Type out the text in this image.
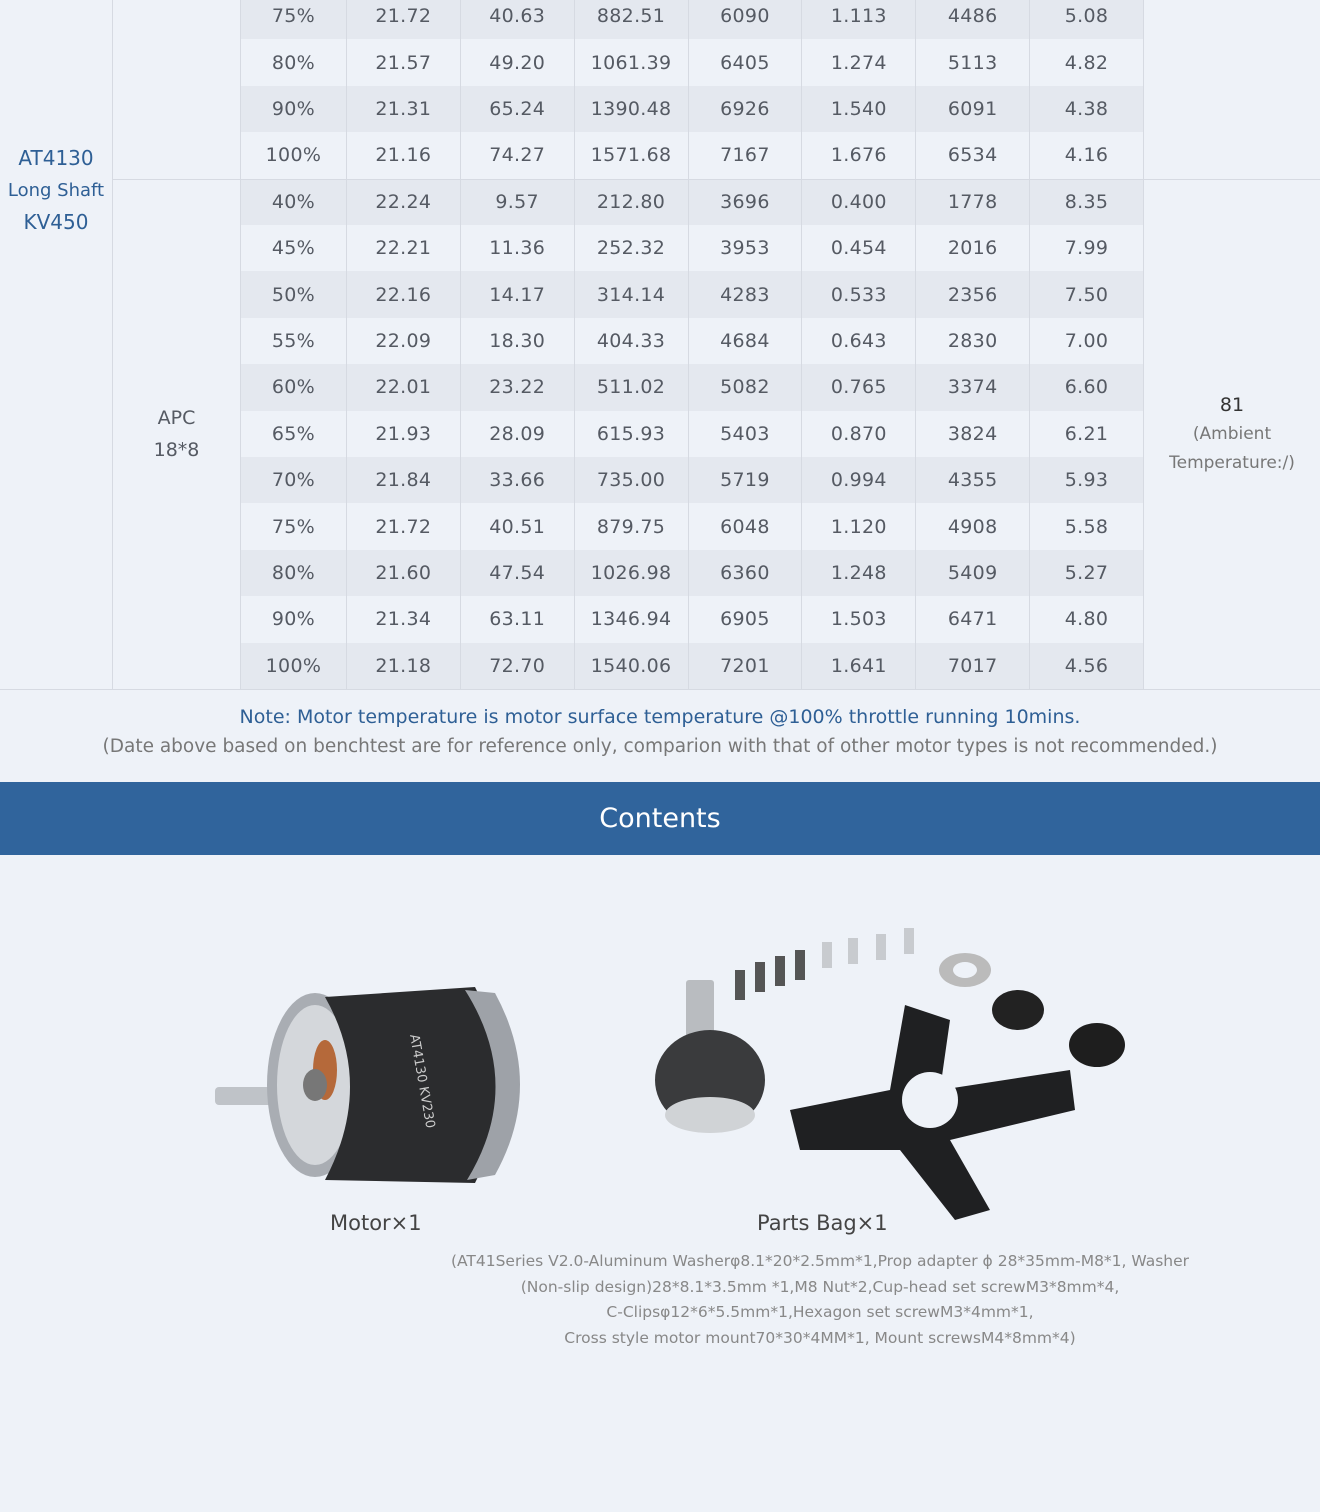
AT4130
Long Shaft
KV450
APC
18*8
75%	21.72	40.63	882.51	6090	1.113	4486	5.08
80%	21.57	49.20	1061.39	6405	1.274	5113	4.82
90%	21.31	65.24	1390.48	6926	1.540	6091	4.38
100%	21.16	74.27	1571.68	7167	1.676	6534	4.16
40%	22.24	9.57	212.80	3696	0.400	1778	8.35
45%	22.21	11.36	252.32	3953	0.454	2016	7.99
50%	22.16	14.17	314.14	4283	0.533	2356	7.50
55%	22.09	18.30	404.33	4684	0.643	2830	7.00
60%	22.01	23.22	511.02	5082	0.765	3374	6.60
65%	21.93	28.09	615.93	5403	0.870	3824	6.21
70%	21.84	33.66	735.00	5719	0.994	4355	5.93
75%	21.72	40.51	879.75	6048	1.120	4908	5.58
80%	21.60	47.54	1026.98	6360	1.248	5409	5.27
90%	21.34	63.11	1346.94	6905	1.503	6471	4.80
100%	21.18	72.70	1540.06	7201	1.641	7017	4.56
81
(Ambient
Temperature:/)
Note: Motor temperature is motor surface temperature @100% throttle running 10mins.
(Date above based on benchtest are for reference only, comparion with that of other motor types is not recommended.)
Contents
AT4130 KV230
Motor×1	Parts Bag×1
(AT41Series V2.0-Aluminum Washerφ8.1*20*2.5mm*1,Prop adapter ϕ 28*35mm-M8*1, Washer
(Non-slip design)28*8.1*3.5mm *1,M8 Nut*2,Cup-head set screwM3*8mm*4,
C-Clipsφ12*6*5.5mm*1,Hexagon set screwM3*4mm*1,
Cross style motor mount70*30*4MM*1, Mount screwsM4*8mm*4)
